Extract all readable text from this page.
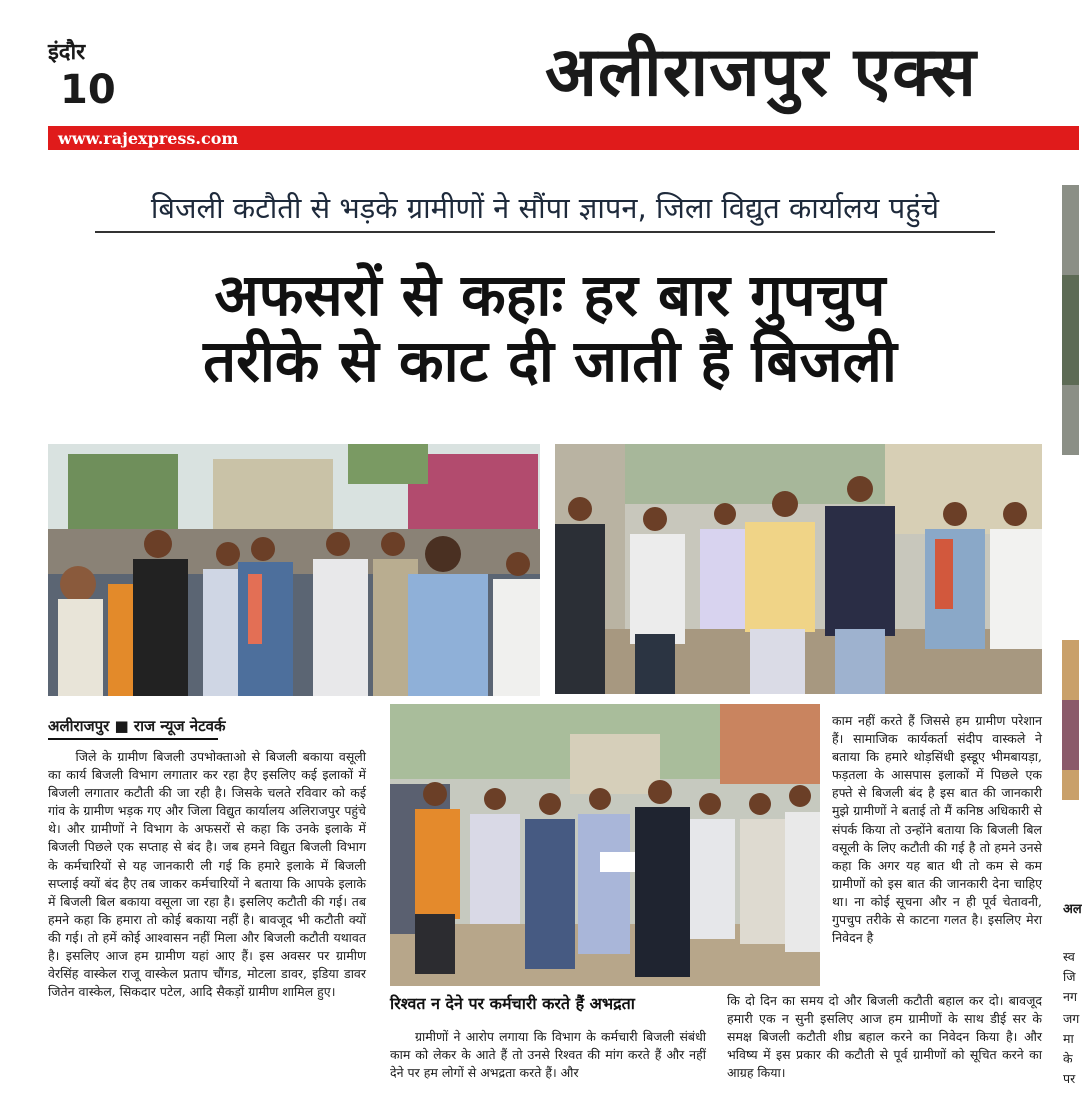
इंदौर
10	अलीराजपुर एक्स
www.rajexpress.com
बिजली कटौती से भड़के ग्रामीणों ने सौंपा ज्ञापन, जिला विद्युत कार्यालय पहुंचे
अफसरों से कहाः हर बार गुपचुप
तरीके से काट दी जाती है बिजली
अलीराजपुर ■ राज न्यूज नेटवर्क
जिले के ग्रामीण बिजली उपभोक्ताओ से बिजली बकाया वसूली का कार्य बिजली विभाग लगातार कर रहा हैए इसलिए कई इलाकों में बिजली लगातार कटौती की जा रही है। जिसके चलते रविवार को कई गांव के ग्रामीण भड़क गए और जिला विद्युत कार्यालय अलिराजपुर पहुंचे थे। और ग्रामीणों ने विभाग के अफसरों से कहा कि उनके इलाके में बिजली पिछले एक सप्ताह से बंद है। जब हमने विद्युत बिजली विभाग के कर्मचारियों से यह जानकारी ली गई कि हमारे इलाके में बिजली सप्लाई क्यों बंद हैए तब जाकर कर्मचारियों ने बताया कि आपके इलाके में बिजली बिल बकाया वसूला जा रहा है। इसलिए कटौती की गई। तब हमने कहा कि हमारा तो कोई बकाया नहीं है। बावजूद भी कटौती क्यों की गई। तो हमें कोई आश्वासन नहीं मिला और बिजली कटौती यथावत है। इसलिए आज हम ग्रामीण यहां आए हैं। इस अवसर पर ग्रामीण वेरसिंह वास्केल राजू वास्केल प्रताप चौंगड, मोटला डावर, इडिया डावर जितेन वास्केल, सिकदार पटेल, आदि सैकड़ों ग्रामीण शामिल हुए।
रिश्वत न देने पर कर्मचारी करते हैं अभद्रता
ग्रामीणों ने आरोप लगाया कि विभाग के कर्मचारी बिजली संबंधी काम को लेकर के आते हैं तो उनसे रिश्वत की मांग करते हैं और नहीं देने पर हम लोगों से अभद्रता करते हैं। और
काम नहीं करते हैं जिससे हम ग्रामीण परेशान हैं। सामाजिक कार्यकर्ता संदीप वास्कले ने बताया कि हमारे थोड़सिंधी इस्डूए भीमबायड़ा, फड़तला के आसपास इलाकों में पिछले एक हफ्ते से बिजली बंद है इस बात की जानकारी मुझे ग्रामीणों ने बताई तो मैं कनिष्ठ अधिकारी से संपर्क किया तो उन्होंने बताया कि बिजली बिल वसूली के लिए कटौती की गई है तो हमने उनसे कहा कि अगर यह बात थी तो कम से कम ग्रामीणों को इस बात की जानकारी देना चाहिए था। ना कोई सूचना और न ही पूर्व चेतावनी, गुपचुप तरीके से काटना गलत है। इसलिए मेरा निवेदन है
कि दो दिन का समय दो और बिजली कटौती बहाल कर दो। बावजूद हमारी एक न सुनी इसलिए आज हम ग्रामीणों के साथ डीई सर के समक्ष बिजली कटौती शीघ्र बहाल करने का निवेदन किया है। और भविष्य में इस प्रकार की कटौती से पूर्व ग्रामीणों को सूचित करने का आग्रह किया।
अल
स्व
जि
नग
जग
मा
के
पर
